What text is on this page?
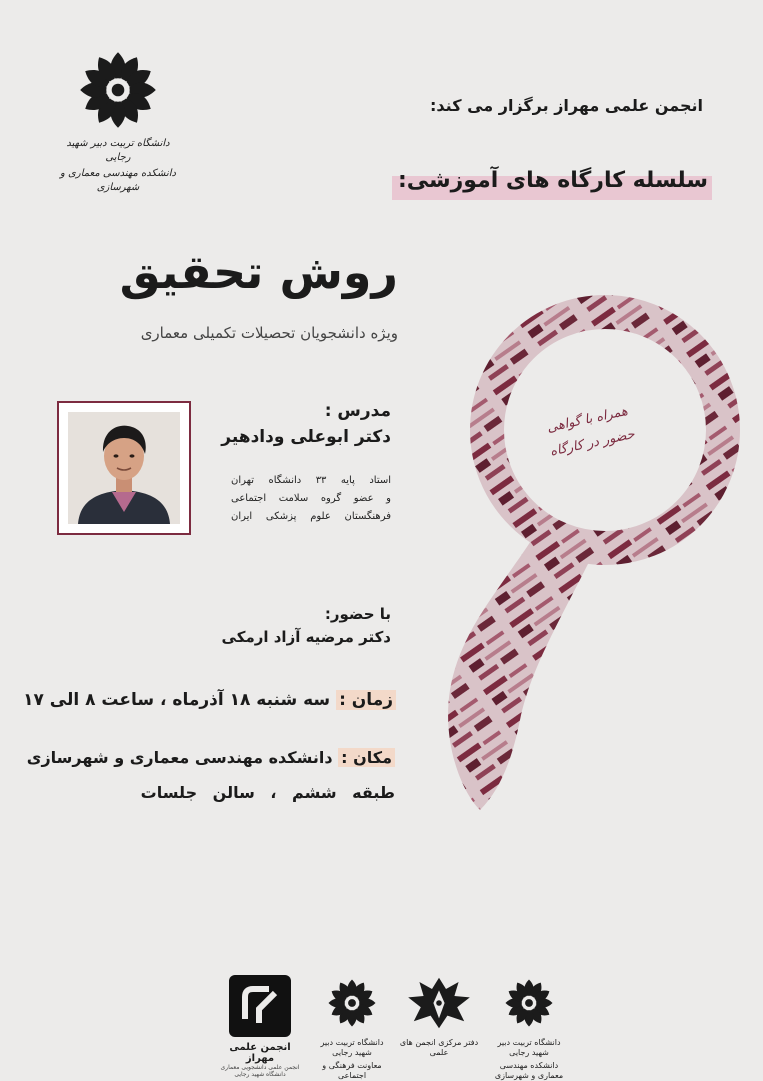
دانشگاه تربیت دبیر شهید رجایی
دانشکده مهندسی معماری و شهرسازی
انجمن علمی مهراز برگزار می کند:
سلسله کارگاه های آموزشی:
روش تحقیق
ویژه دانشجویان تحصیلات تکمیلی معماری
مدرس :
دکتر ابوعلی ودادهیر
استاد پایه ۳۳ دانشگاه تهران
و عضو گروه سلامت اجتماعی
فرهنگستان علوم پزشکی ایران
با حضور:
دکتر مرضیه آزاد ارمکی
زمان : سه شنبه ۱۸ آذرماه ، ساعت ۸ الی ۱۷
مکان : دانشکده مهندسی معماری و شهرسازی
طبقه ششم ، سالن جلسات
همراه با گواهی
حضور در کارگاه
انجمن علمی مهراز
انجمن علمی دانشجویی معماری دانشگاه شهید رجایی
دانشگاه تربیت دبیر شهید رجایی
معاونت فرهنگی و اجتماعی
دفتر مرکزی انجمن های علمی
دانشگاه تربیت دبیر شهید رجایی
دانشکده مهندسی معماری و شهرسازی
